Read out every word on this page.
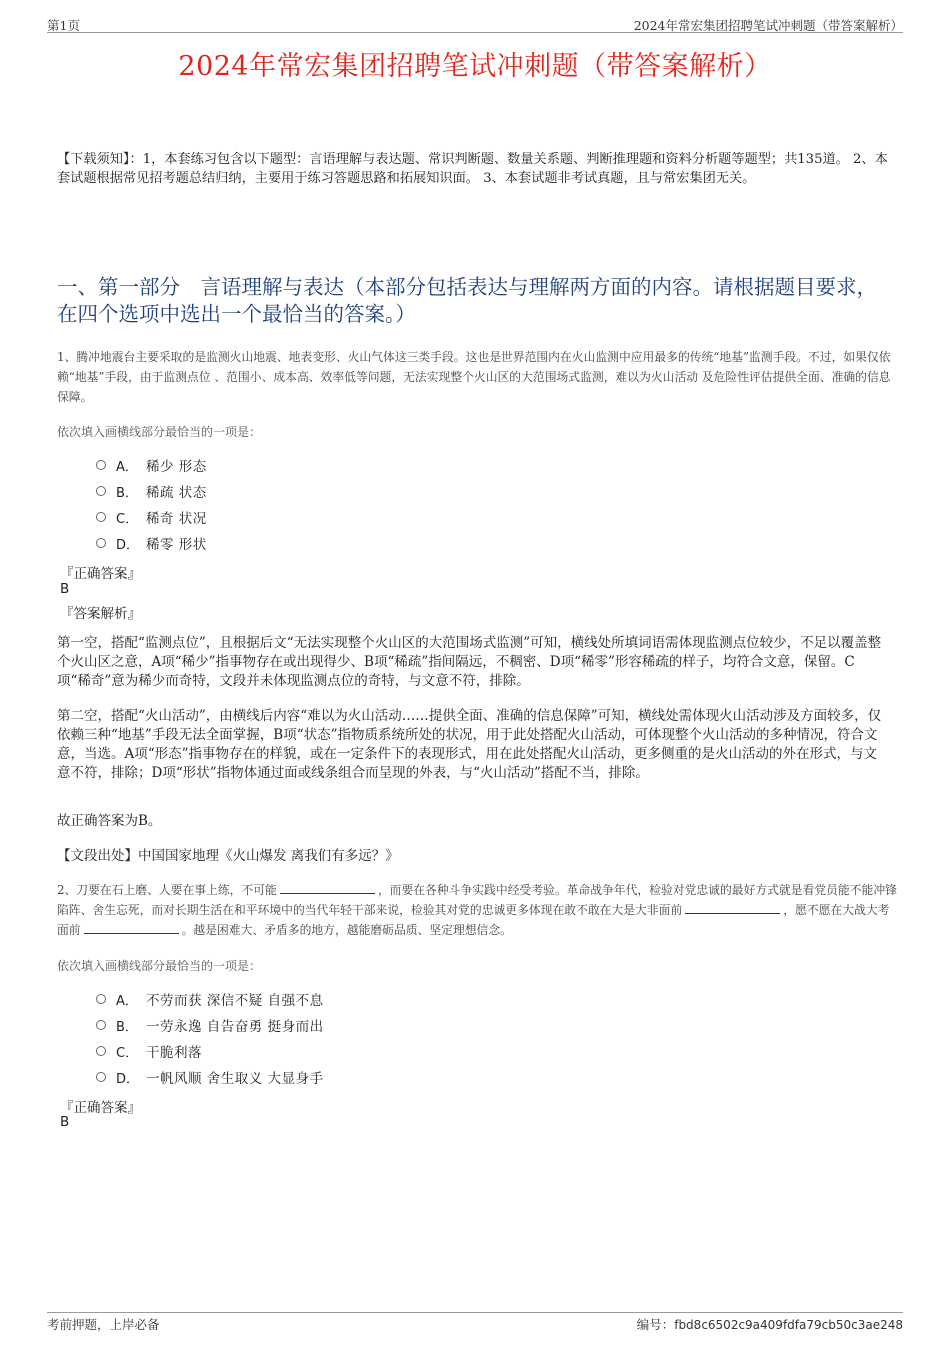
第1页	2024年常宏集团招聘笔试冲刺题（带答案解析）
2024年常宏集团招聘笔试冲刺题（带答案解析）
【下载须知】：1，本套练习包含以下题型：言语理解与表达题、常识判断题、数量关系题、判断推理题和资料分析题等题型；共135道。 2、本套试题根据常见招考题总结归纳，主要用于练习答题思路和拓展知识面。 3、本套试题非考试真题，且与常宏集团无关。
一、第一部分　言语理解与表达（本部分包括表达与理解两方面的内容。请根据题目要求，在四个选项中选出一个最恰当的答案。）
1、腾冲地震台主要采取的是监测火山地震、地表变形、火山气体这三类手段。这也是世界范围内在火山监测中应用最多的传统“地基”监测手段。不过，如果仅依赖“地基”手段，由于监测点位 、范围小、成本高、效率低等问题，无法实现整个火山区的大范围场式监测，难以为火山活动 及危险性评估提供全面、准确的信息保障。
依次填入画横线部分最恰当的一项是：
A． 稀少 形态
B． 稀疏 状态
C． 稀奇 状况
D． 稀零 形状
『正确答案』
B
『答案解析』
第一空，搭配“监测点位”，且根据后文“无法实现整个火山区的大范围场式监测”可知，横线处所填词语需体现监测点位较少，不足以覆盖整个火山区之意，A项“稀少”指事物存在或出现得少、B项“稀疏”指间隔远，不稠密、D项“稀零”形容稀疏的样子，均符合文意，保留。C项“稀奇”意为稀少而奇特，文段并未体现监测点位的奇特，与文意不符，排除。
第二空，搭配“火山活动”，由横线后内容“难以为火山活动……提供全面、准确的信息保障”可知，横线处需体现火山活动涉及方面较多，仅依赖三种“地基”手段无法全面掌握，B项“状态”指物质系统所处的状况，用于此处搭配火山活动，可体现整个火山活动的多种情况，符合文意，当选。A项“形态”指事物存在的样貌，或在一定条件下的表现形式，用在此处搭配火山活动，更多侧重的是火山活动的外在形式，与文意不符，排除；D项“形状”指物体通过面或线条组合而呈现的外表，与“火山活动”搭配不当，排除。
故正确答案为B。
【文段出处】中国国家地理《火山爆发 离我们有多远？》
2、刀要在石上磨、人要在事上练，不可能	，而要在各种斗争实践中经受考验。革命战争年代，检验对党忠诚的最好方式就是看党员能不能冲锋陷阵、舍生忘死，而对长期生活在和平环境中的当代年轻干部来说，检验其对党的忠诚更多体现在敢不敢在大是大非面前	，愿不愿在大战大考面前	。越是困难大、矛盾多的地方，越能磨砺品质、坚定理想信念。
依次填入画横线部分最恰当的一项是：
A． 不劳而获 深信不疑 自强不息
B． 一劳永逸 自告奋勇 挺身而出
C． 干脆利落
D． 一帆风顺 舍生取义 大显身手
『正确答案』
B
考前押题，上岸必备	编号：fbd8c6502c9a409fdfa79cb50c3ae248
